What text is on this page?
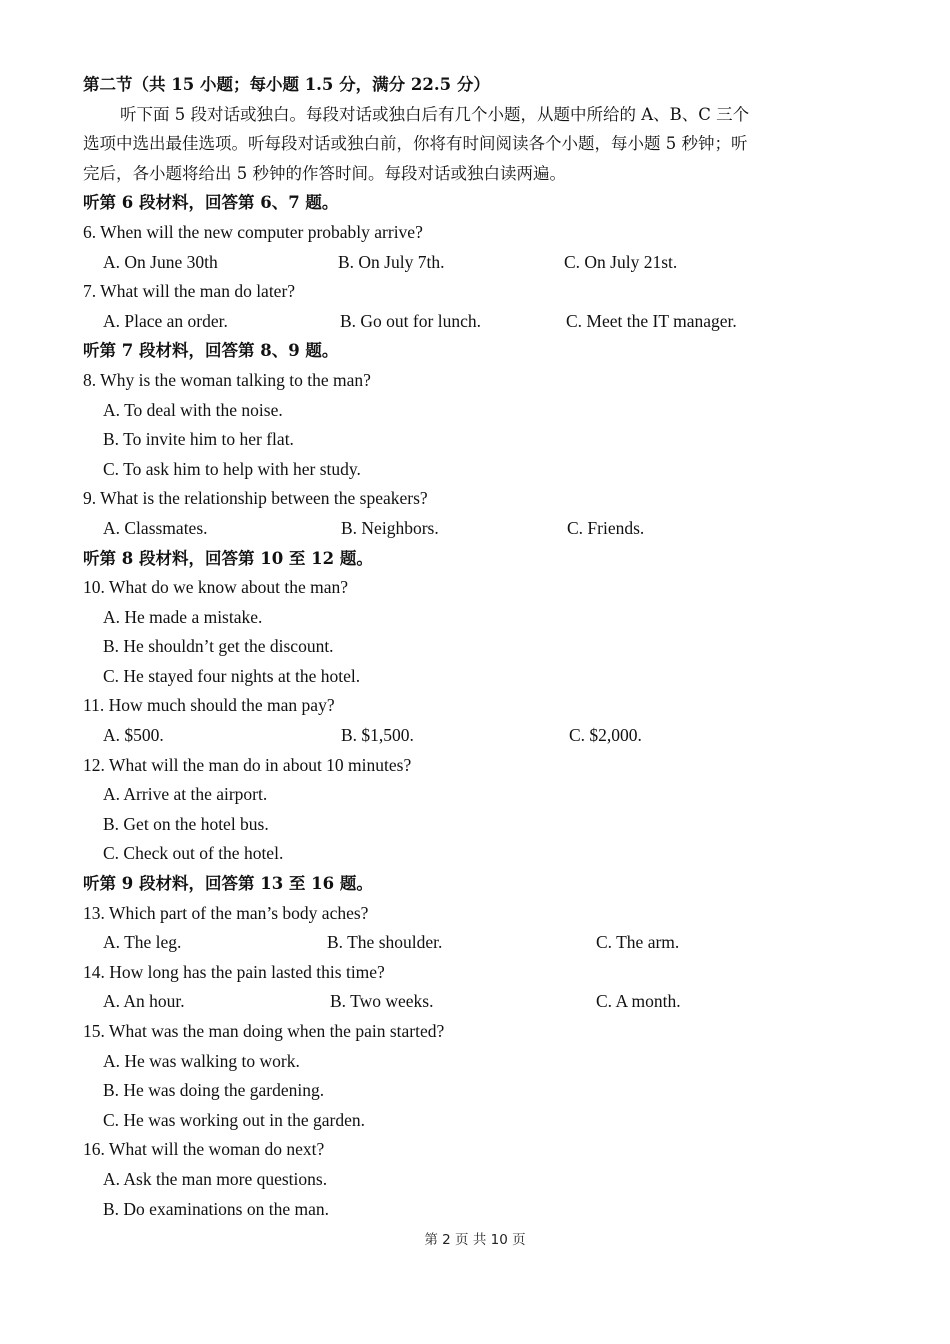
第二节（共 15 小题；每小题 1.5 分，满分 22.5 分）
听下面 5 段对话或独白。每段对话或独白后有几个小题，从题中所给的 A、B、C 三个
选项中选出最佳选项。听每段对话或独白前，你将有时间阅读各个小题，每小题 5 秒钟；听
完后，各小题将给出 5 秒钟的作答时间。每段对话或独白读两遍。
听第 6 段材料，回答第 6、7 题。
6. When will the new computer probably arrive?
A. On June 30th	B. On July 7th.	C. On July 21st.
7. What will the man do later?
A. Place an order.	B. Go out for lunch.	C. Meet the IT manager.
听第 7 段材料，回答第 8、9 题。
8. Why is the woman talking to the man?
A. To deal with the noise.
B. To invite him to her flat.
C. To ask him to help with her study.
9. What is the relationship between the speakers?
A. Classmates.	B. Neighbors.	C. Friends.
听第 8 段材料，回答第 10 至 12 题。
10. What do we know about the man?
A. He made a mistake.
B. He shouldn’t get the discount.
C. He stayed four nights at the hotel.
11. How much should the man pay?
A. $500.	B. $1,500.	C. $2,000.
12. What will the man do in about 10 minutes?
A. Arrive at the airport.
B. Get on the hotel bus.
C. Check out of the hotel.
听第 9 段材料，回答第 13 至 16 题。
13. Which part of the man’s body aches?
A. The leg.	B. The shoulder.	C. The arm.
14. How long has the pain lasted this time?
A. An hour.	B. Two weeks.	C. A month.
15. What was the man doing when the pain started?
A. He was walking to work.
B. He was doing the gardening.
C. He was working out in the garden.
16. What will the woman do next?
A. Ask the man more questions.
B. Do examinations on the man.
第 2 页 共 10 页
